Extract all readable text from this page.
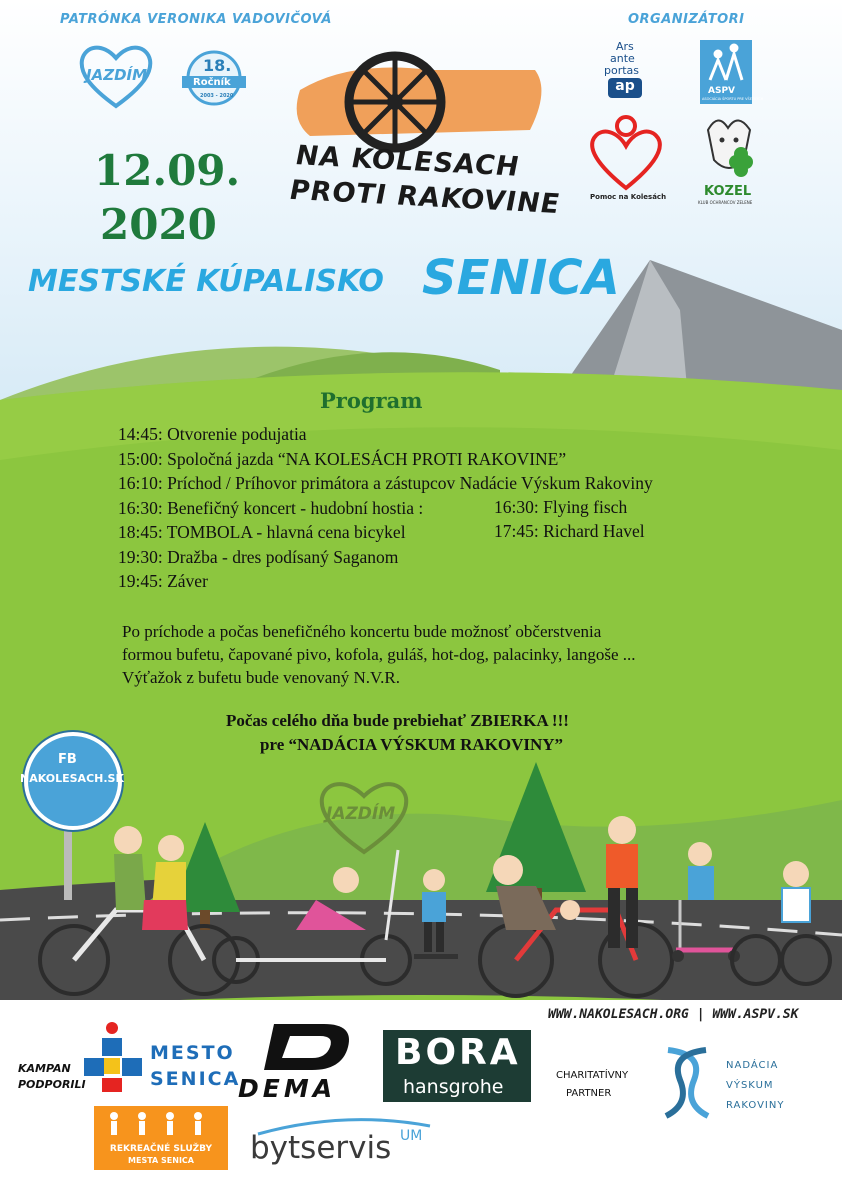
PATRÓNKA VERONIKA VADOVIČOVÁ	ORGANIZÁTORI
JAZDÍM	18.
Ročník
2003 - 2020
NA KOLESACH
PROTI RAKOVINE
Ars
ante
portas
ap	ASPV
ASOCIÁCIA ŠPORTU PRE VŠETKÝCH
Pomoc na Kolesách	KOZEL
KLUB OCHRANCOV ZELENE
12.09.
2020
MESTSKÉ KÚPALISKO SENICA
Program
14:45: Otvorenie podujatia
15:00: Spoločná jazda “NA KOLESÁCH PROTI RAKOVINE”
16:10: Príchod / Príhovor primátora a zástupcov Nadácie Výskum Rakoviny
16:30: Benefičný koncert - hudobní hostia :
18:45: TOMBOLA - hlavná cena bicykel
19:30: Dražba - dres podísaný Saganom
19:45: Záver
16:30: Flying fisch
17:45: Richard Havel
Po príchode a počas benefičného koncertu bude možnosť občerstvenia
formou bufetu, čapované pivo, kofola, guláš, hot-dog, palacinky, langoše ...
Výťažok z bufetu bude venovaný N.V.R.
Počas celého dňa bude prebiehať ZBIERKA !!!
pre “NADÁCIA VÝSKUM RAKOVINY”
FB
NAKOLESACH.SK
JAZDÍM
WWW.NAKOLESACH.ORG | WWW.ASPV.SK
KAMPAN
PODPORILI
MESTO
SENICA
DEMA
BORA
hansgrohe
CHARITATÍVNY
PARTNER
NADÁCIA
VÝSKUM
RAKOVINY
REKREAČNÉ SLUŽBY
MESTA SENICA	bytservis UM
